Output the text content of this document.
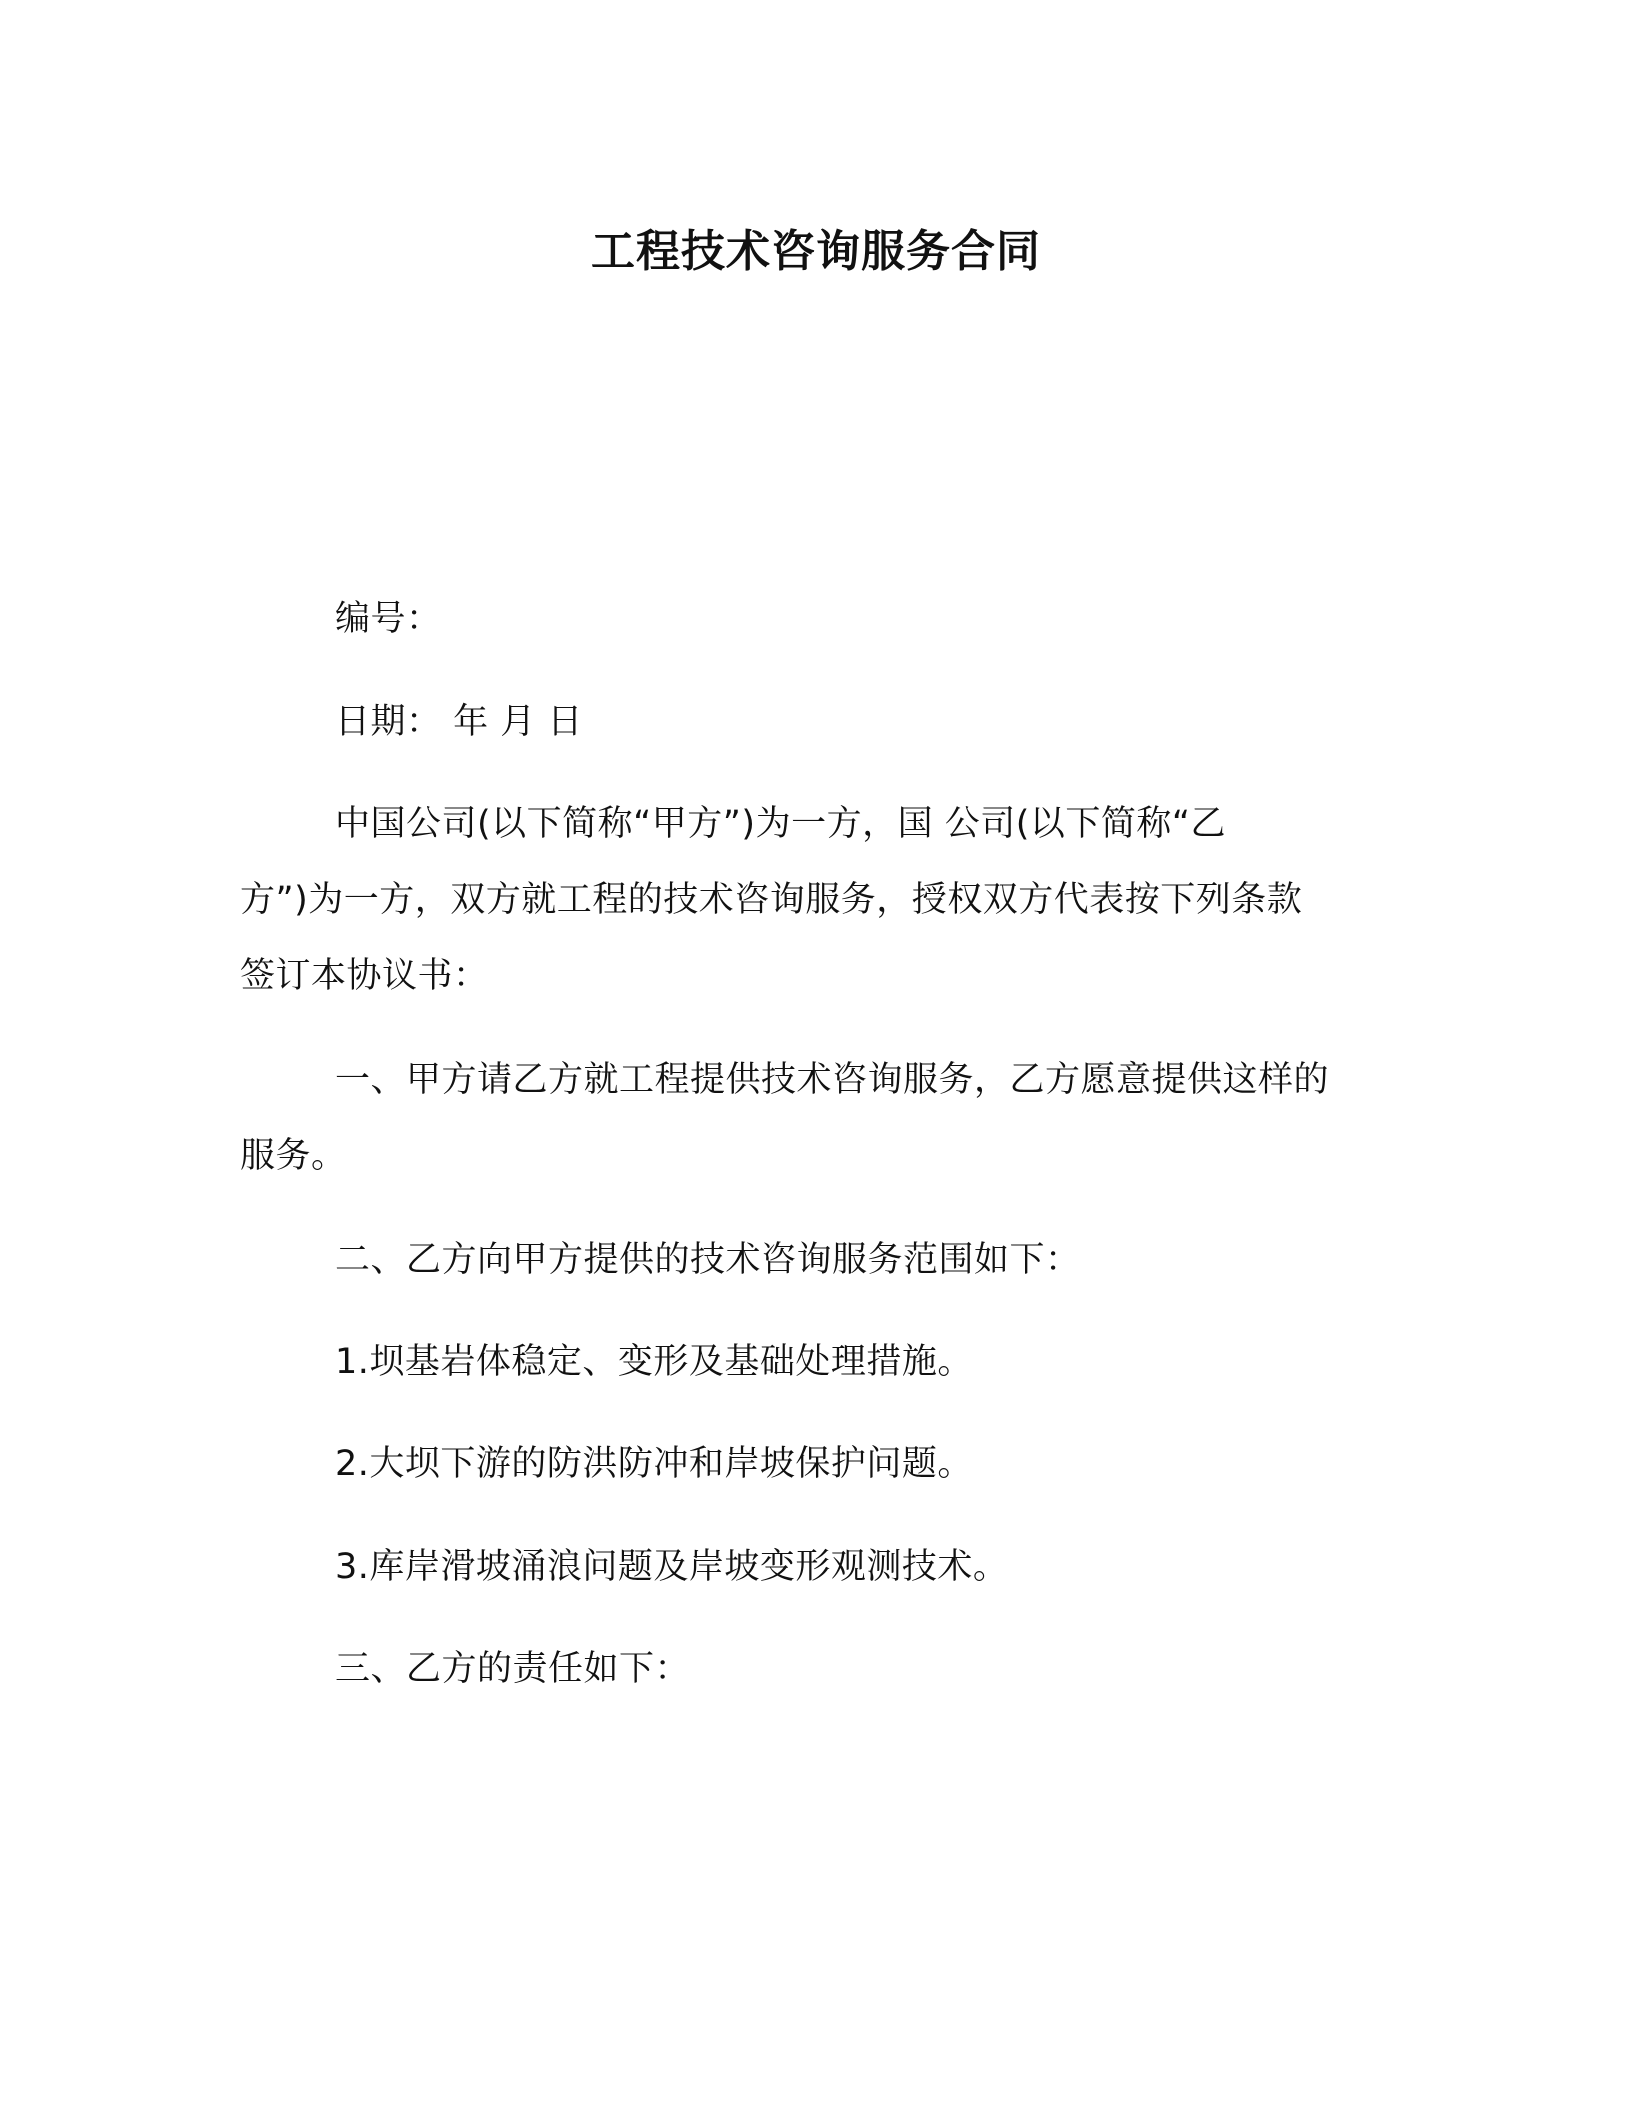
工程技术咨询服务合同
编号：
日期： 年 月 日
中国公司(以下简称“甲方”)为一方，国 公司(以下简称“乙
方”)为一方，双方就工程的技术咨询服务，授权双方代表按下列条款
签订本协议书：
一、甲方请乙方就工程提供技术咨询服务，乙方愿意提供这样的
服务。
二、乙方向甲方提供的技术咨询服务范围如下：
1.坝基岩体稳定、变形及基础处理措施。
2.大坝下游的防洪防冲和岸坡保护问题。
3.库岸滑坡涌浪问题及岸坡变形观测技术。
三、乙方的责任如下：
